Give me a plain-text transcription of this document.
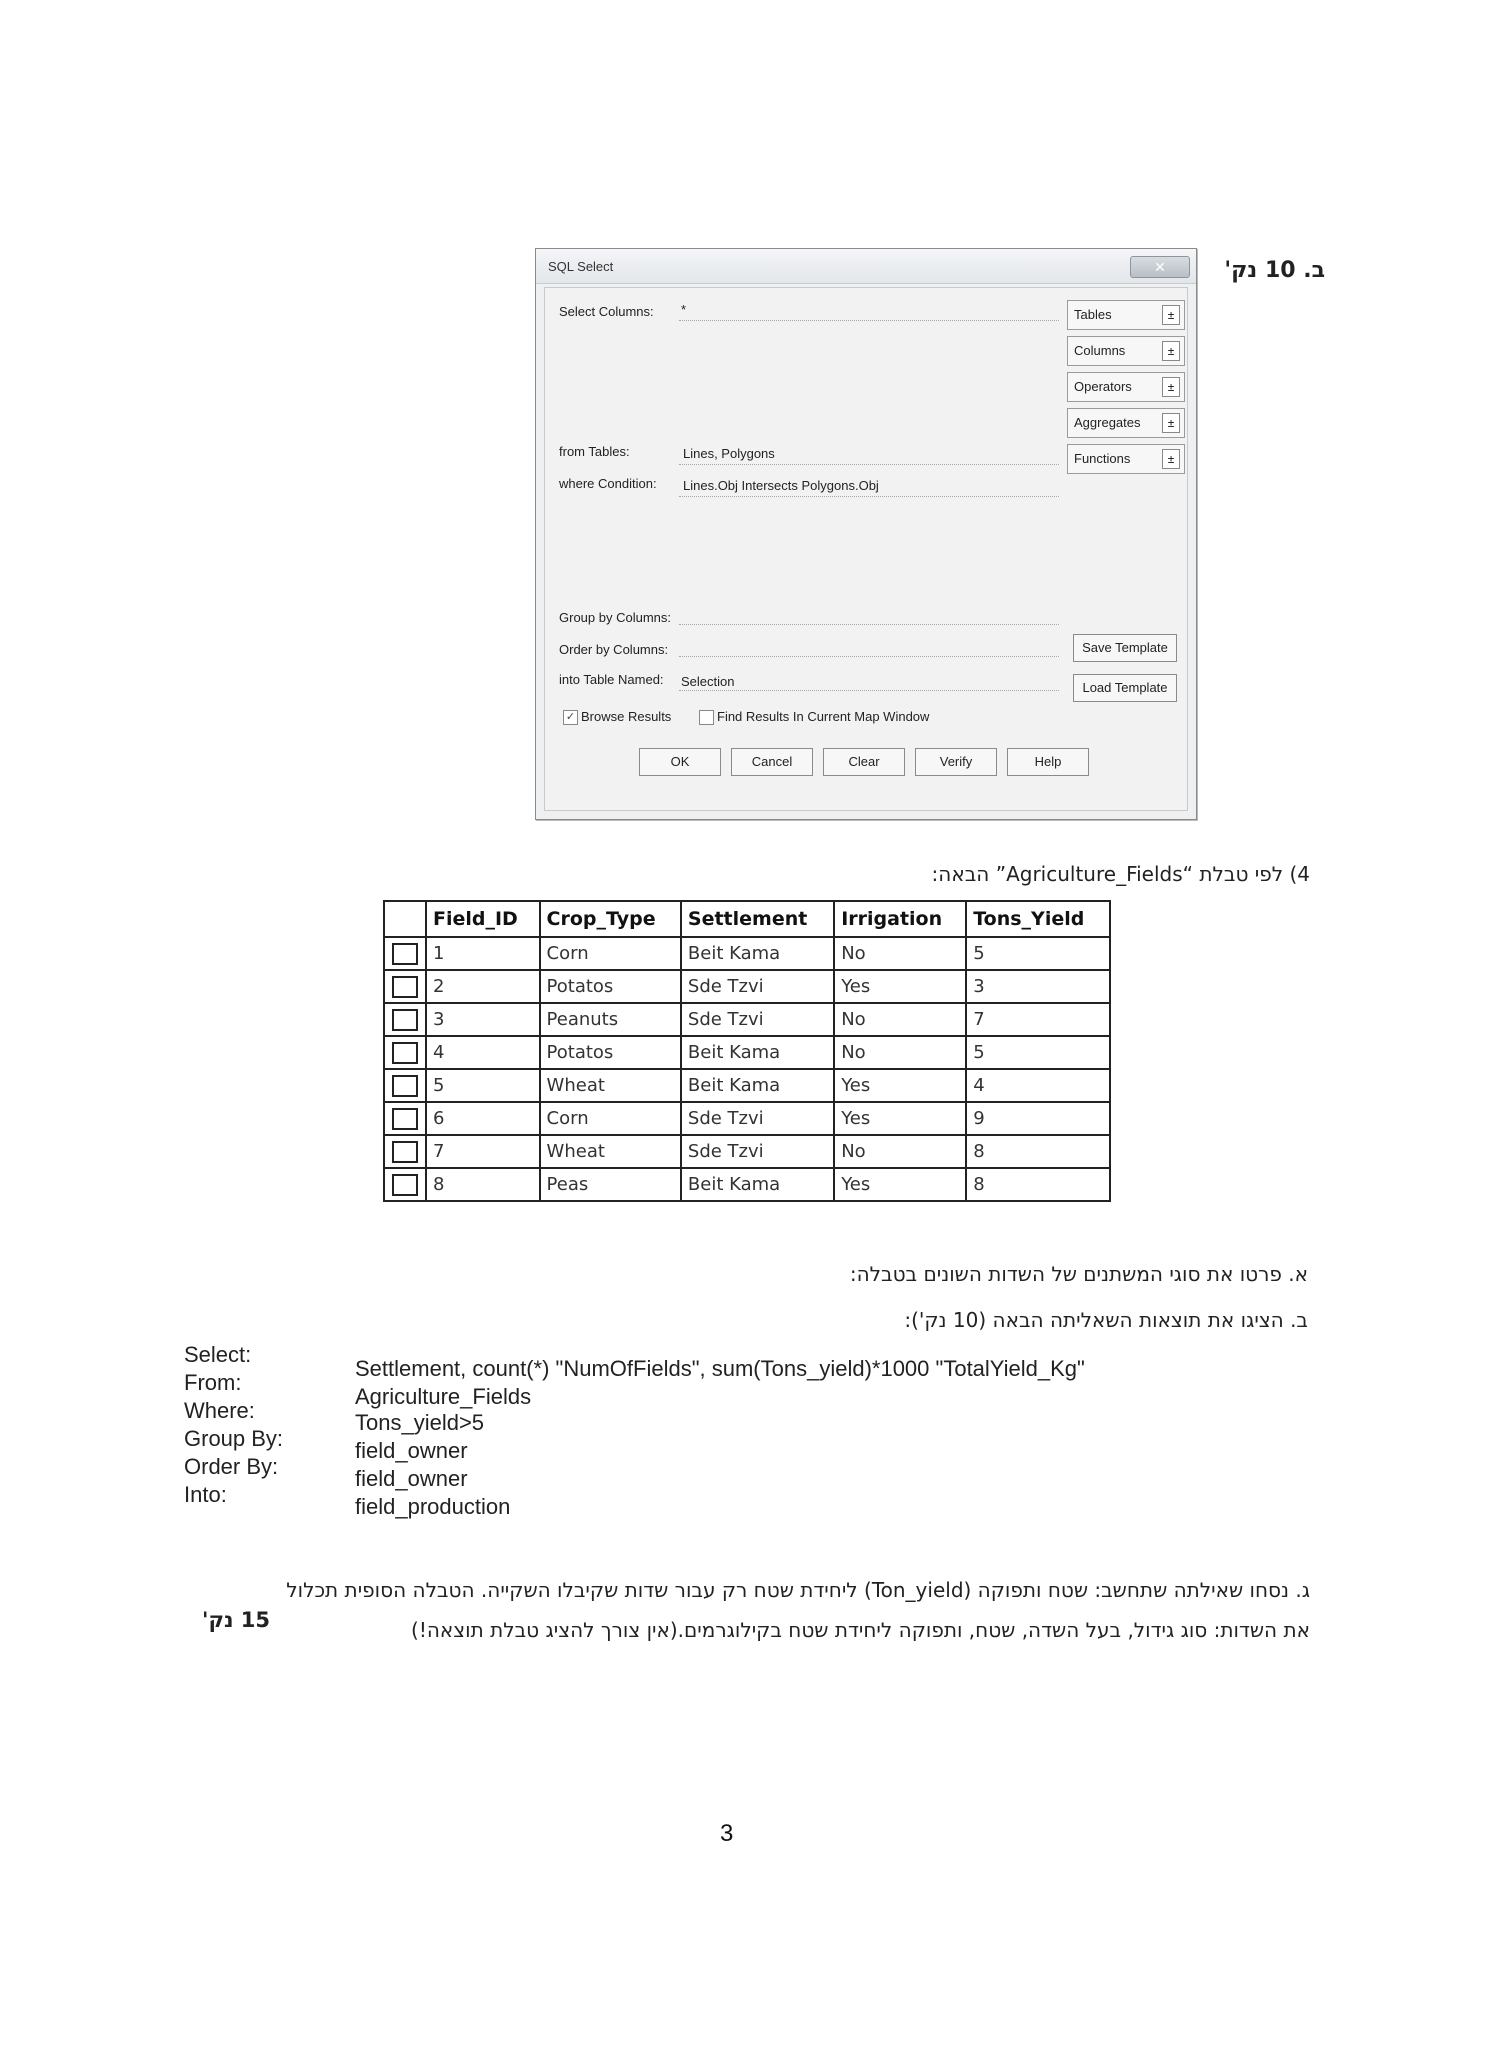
ב. 10 נק'
SQL Select	✕
Select Columns: *
from Tables:	Lines, Polygons
where Condition: Lines.Obj Intersects Polygons.Obj
Group by Columns:
Order by Columns:
into Table Named: Selection
Tables	±
Columns	±
Operators	±
Aggregates	±
Functions	±
Save Template
Load Template
✓ Browse Results	Find Results In Current Map Window
OK	Cancel	Clear	Verify	Help
4) לפי טבלת “Agriculture_Fields” הבאה:
	Field_ID	Crop_Type	Settlement	Irrigation	Tons_Yield

	1	Corn	Beit Kama	No	5

	2	Potatos	Sde Tzvi	Yes	3

	3	Peanuts	Sde Tzvi	No	7

	4	Potatos	Beit Kama	No	5

	5	Wheat	Beit Kama	Yes	4

	6	Corn	Sde Tzvi	Yes	9

	7	Wheat	Sde Tzvi	No	8

	8	Peas	Beit Kama	Yes	8
א. פרטו את סוגי המשתנים של השדות השונים בטבלה:
ב. הציגו את תוצאות השאליתה הבאה (10 נק'):
Select:
Settlement, count(*) "NumOfFields", sum(Tons_yield)*1000 "TotalYield_Kg"
From:
Agriculture_Fields
Where:	Tons_yield>5
Group By:	field_owner
Order By:	field_owner
Into:	field_production
ג. נסחו שאילתה שתחשב: שטח ותפוקה (Ton_yield) ליחידת שטח רק עבור שדות שקיבלו השקייה. הטבלה הסופית תכלול
את השדות: סוג גידול, בעל השדה, שטח, ותפוקה ליחידת שטח בקילוגרמים.(אין צורך להציג טבלת תוצאה!)
15 נק'
3
